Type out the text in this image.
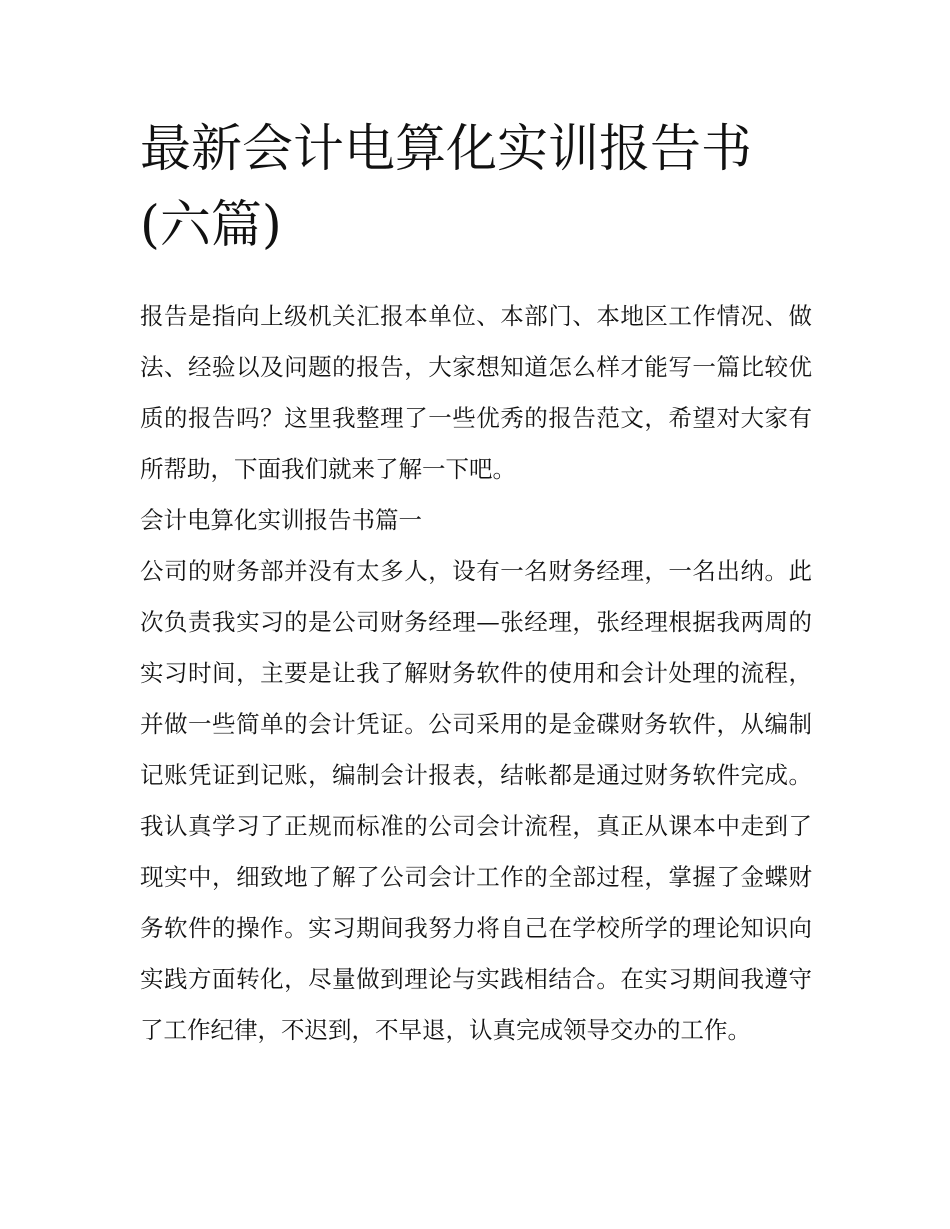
最新会计电算化实训报告书(六篇)

报告是指向上级机关汇报本单位、本部门、本地区工作情况、做法、经验以及问题的报告，大家想知道怎么样才能写一篇比较优质的报告吗？这里我整理了一些优秀的报告范文，希望对大家有所帮助，下面我们就来了解一下吧。

会计电算化实训报告书篇一

公司的财务部并没有太多人，设有一名财务经理，一名出纳。此次负责我实习的是公司财务经理—张经理，张经理根据我两周的实习时间，主要是让我了解财务软件的使用和会计处理的流程，并做一些简单的会计凭证。公司采用的是金碟财务软件，从编制记账凭证到记账，编制会计报表，结帐都是通过财务软件完成。我认真学习了正规而标准的公司会计流程，真正从课本中走到了现实中，细致地了解了公司会计工作的全部过程，掌握了金蝶财务软件的操作。实习期间我努力将自己在学校所学的理论知识向实践方面转化，尽量做到理论与实践相结合。在实习期间我遵守了工作纪律，不迟到，不早退，认真完成领导交办的工作。
